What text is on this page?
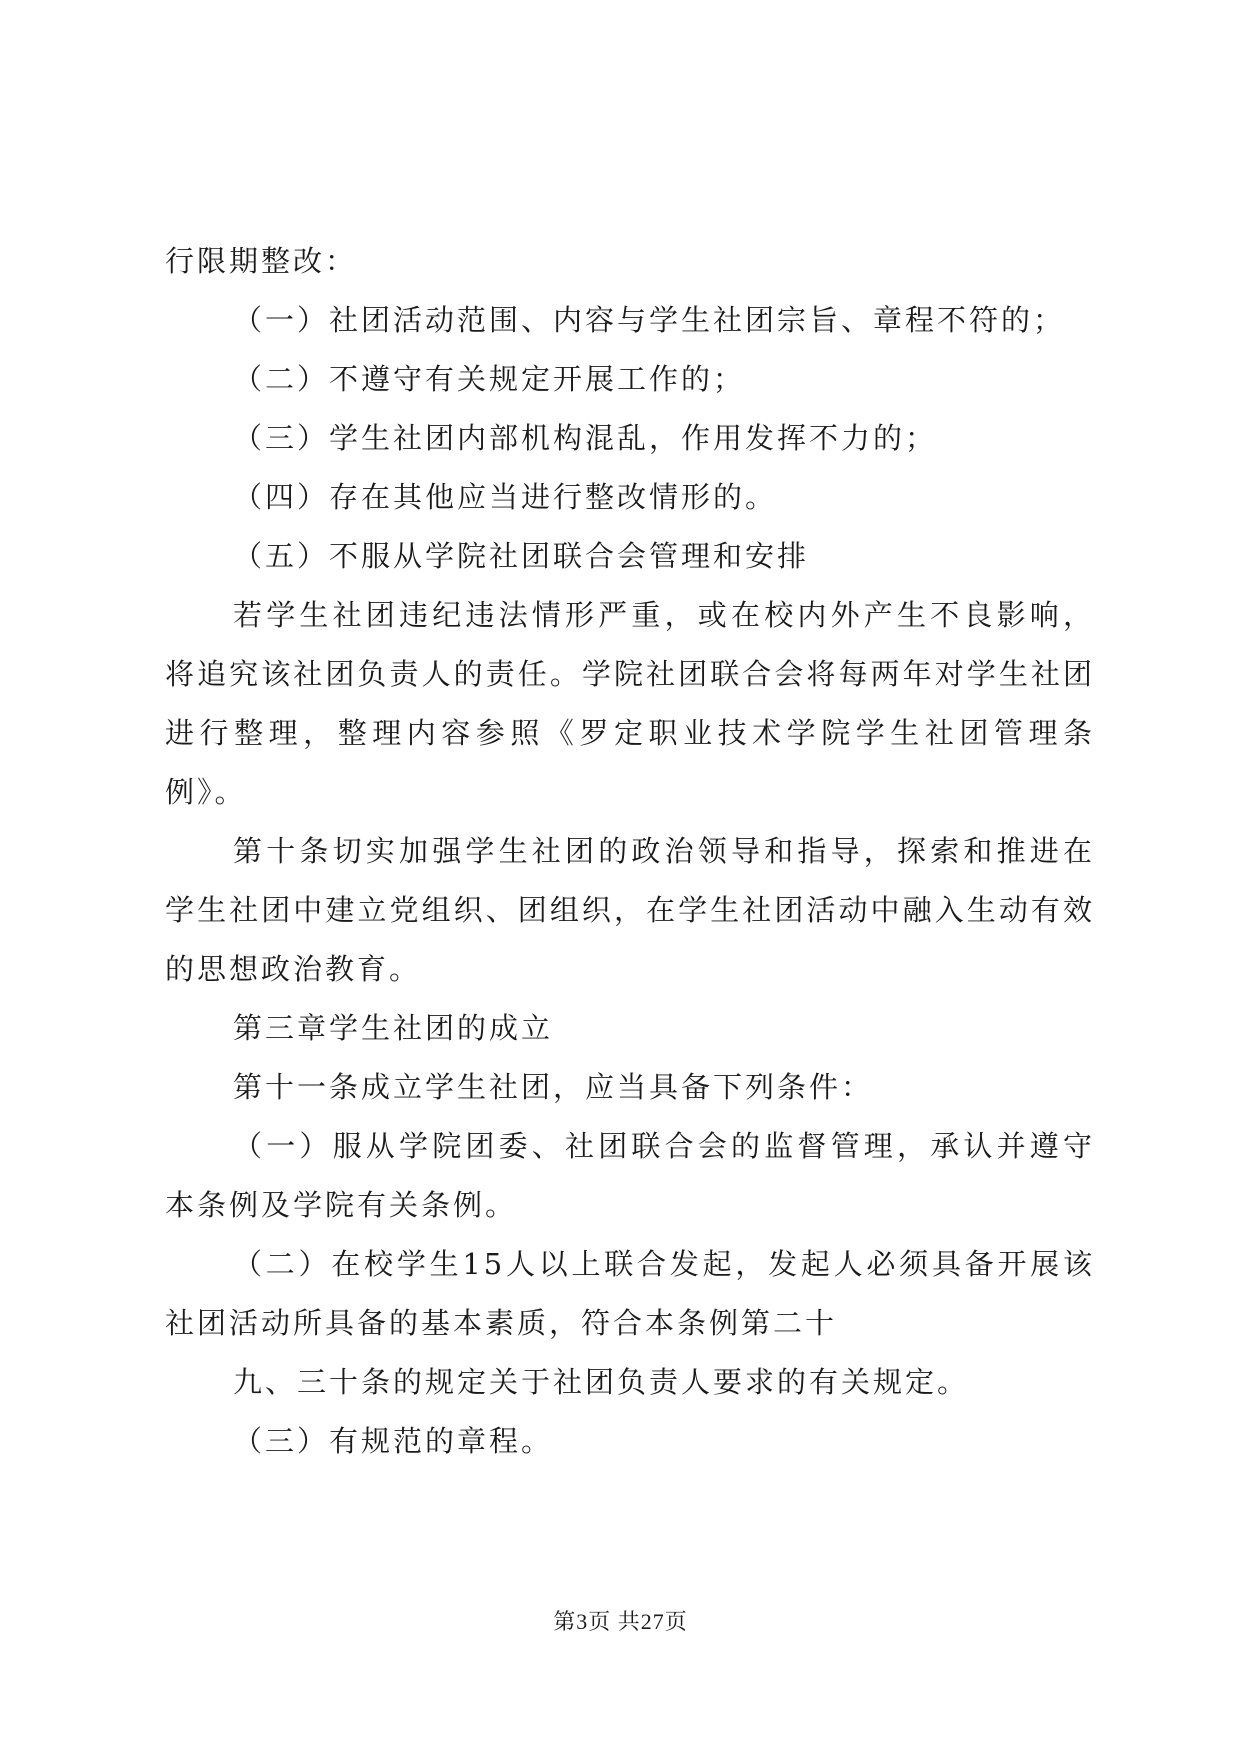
行限期整改：

（一）社团活动范围、内容与学生社团宗旨、章程不符的；

（二）不遵守有关规定开展工作的；

（三）学生社团内部机构混乱，作用发挥不力的；

（四）存在其他应当进行整改情形的。

（五）不服从学院社团联合会管理和安排

若学生社团违纪违法情形严重，或在校内外产生不良影响，将追究该社团负责人的责任。学院社团联合会将每两年对学生社团进行整理，整理内容参照《罗定职业技术学院学生社团管理条例》。

第十条切实加强学生社团的政治领导和指导，探索和推进在学生社团中建立党组织、团组织，在学生社团活动中融入生动有效的思想政治教育。

第三章学生社团的成立

第十一条成立学生社团，应当具备下列条件：

（一）服从学院团委、社团联合会的监督管理，承认并遵守本条例及学院有关条例。

（二）在校学生15人以上联合发起，发起人必须具备开展该社团活动所具备的基本素质，符合本条例第二十

九、三十条的规定关于社团负责人要求的有关规定。

（三）有规范的章程。

第3页 共27页
